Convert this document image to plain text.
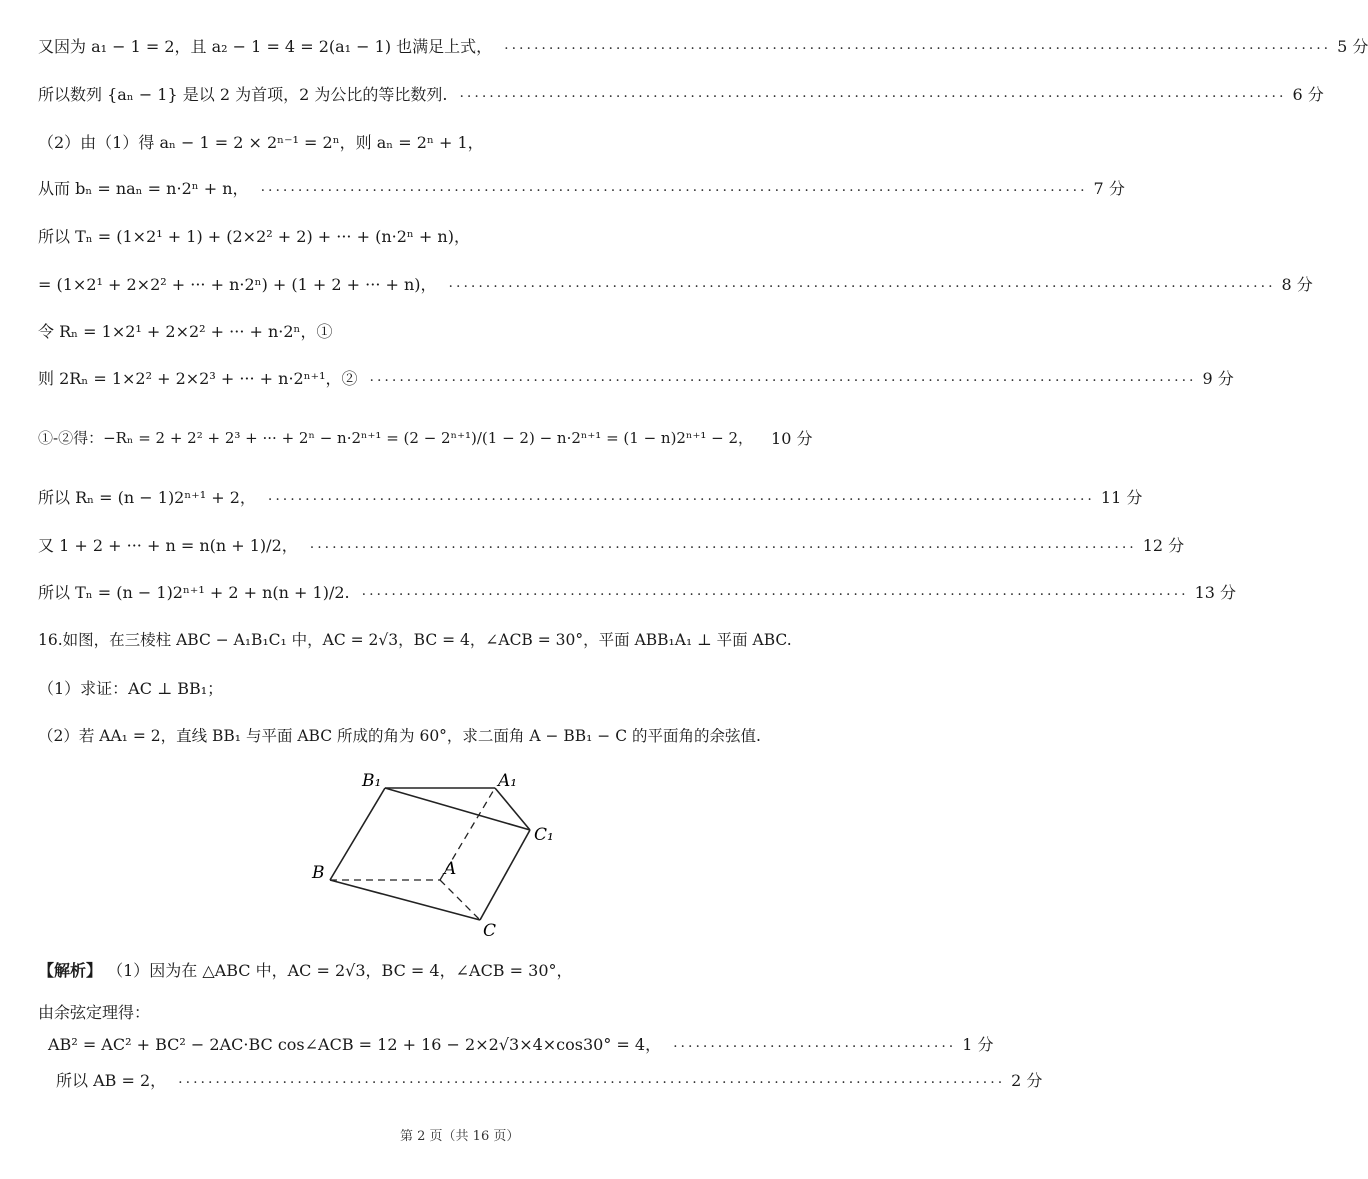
又因为 a₁ − 1 = 2，且 a₂ − 1 = 4 = 2(a₁ − 1) 也满足上式， ............................................................................................................... 5 分
所以数列 {aₙ − 1} 是以 2 为首项，2 为公比的等比数列. ............................................................................................................... 6 分
（2）由（1）得 aₙ − 1 = 2 × 2ⁿ⁻¹ = 2ⁿ，则 aₙ = 2ⁿ + 1，
从而 bₙ = naₙ = n·2ⁿ + n， ............................................................................................................... 7 分
所以 Tₙ = (1×2¹ + 1) + (2×2² + 2) + ··· + (n·2ⁿ + n)，
= (1×2¹ + 2×2² + ··· + n·2ⁿ) + (1 + 2 + ··· + n)， ............................................................................................................... 8 分
令 Rₙ = 1×2¹ + 2×2² + ··· + n·2ⁿ，①
则 2Rₙ = 1×2² + 2×2³ + ··· + n·2ⁿ⁺¹，② ............................................................................................................... 9 分
①-②得：−Rₙ = 2 + 2² + 2³ + ··· + 2ⁿ − n·2ⁿ⁺¹ = (2 − 2ⁿ⁺¹)/(1 − 2) − n·2ⁿ⁺¹ = (1 − n)2ⁿ⁺¹ − 2， 10 分
所以 Rₙ = (n − 1)2ⁿ⁺¹ + 2， ............................................................................................................... 11 分
又 1 + 2 + ··· + n = n(n + 1)/2， ............................................................................................................... 12 分
所以 Tₙ = (n − 1)2ⁿ⁺¹ + 2 + n(n + 1)/2. ............................................................................................................... 13 分
16.如图，在三棱柱 ABC − A₁B₁C₁ 中，AC = 2√3，BC = 4，∠ACB = 30°，平面 ABB₁A₁ ⊥ 平面 ABC.
（1）求证：AC ⊥ BB₁；
（2）若 AA₁ = 2，直线 BB₁ 与平面 ABC 所成的角为 60°，求二面角 A − BB₁ − C 的平面角的余弦值.
B₁	A₁
C₁
B	A
C
【解析】 （1）因为在 △ABC 中，AC = 2√3，BC = 4，∠ACB = 30°，
由余弦定理得：
AB² = AC² + BC² − 2AC·BC cos∠ACB = 12 + 16 − 2×2√3×4×cos30° = 4， ...................................... 1 分
所以 AB = 2， ............................................................................................................... 2 分
第 2 页（共 16 页）
